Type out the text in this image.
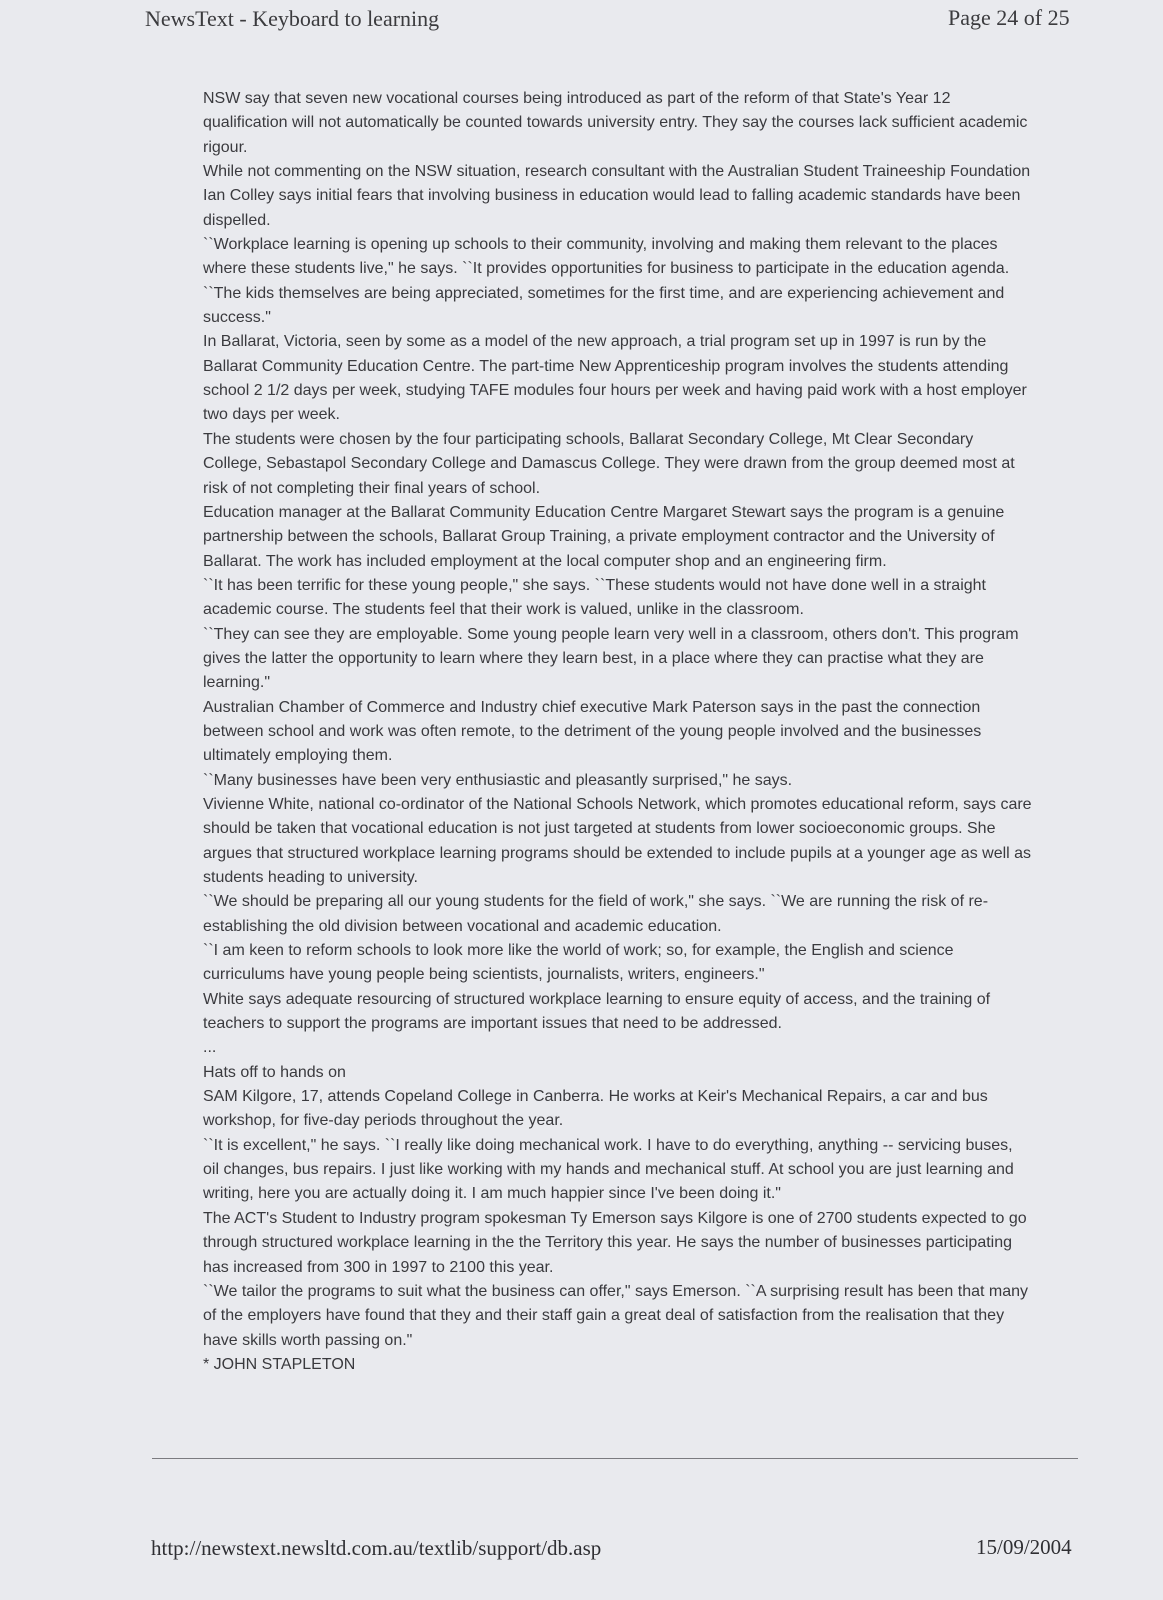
NewsText - Keyboard to learning	Page 24 of 25

NSW say that seven new vocational courses being introduced as part of the reform of that State's Year 12 qualification will not automatically be counted towards university entry. They say the courses lack sufficient academic rigour.

While not commenting on the NSW situation, research consultant with the Australian Student Traineeship Foundation Ian Colley says initial fears that involving business in education would lead to falling academic standards have been dispelled.

``Workplace learning is opening up schools to their community, involving and making them relevant to the places where these students live," he says. ``It provides opportunities for business to participate in the education agenda.

``The kids themselves are being appreciated, sometimes for the first time, and are experiencing achievement and success."

In Ballarat, Victoria, seen by some as a model of the new approach, a trial program set up in 1997 is run by the Ballarat Community Education Centre. The part-time New Apprenticeship program involves the students attending school 2 1/2 days per week, studying TAFE modules four hours per week and having paid work with a host employer two days per week.

The students were chosen by the four participating schools, Ballarat Secondary College, Mt Clear Secondary College, Sebastapol Secondary College and Damascus College. They were drawn from the group deemed most at risk of not completing their final years of school.

Education manager at the Ballarat Community Education Centre Margaret Stewart says the program is a genuine partnership between the schools, Ballarat Group Training, a private employment contractor and the University of Ballarat. The work has included employment at the local computer shop and an engineering firm.

``It has been terrific for these young people," she says. ``These students would not have done well in a straight academic course. The students feel that their work is valued, unlike in the classroom.

``They can see they are employable. Some young people learn very well in a classroom, others don't. This program gives the latter the opportunity to learn where they learn best, in a place where they can practise what they are learning."

Australian Chamber of Commerce and Industry chief executive Mark Paterson says in the past the connection between school and work was often remote, to the detriment of the young people involved and the businesses ultimately employing them.

``Many businesses have been very enthusiastic and pleasantly surprised," he says.

Vivienne White, national co-ordinator of the National Schools Network, which promotes educational reform, says care should be taken that vocational education is not just targeted at students from lower socioeconomic groups. She argues that structured workplace learning programs should be extended to include pupils at a younger age as well as students heading to university.

``We should be preparing all our young students for the field of work," she says. ``We are running the risk of re-establishing the old division between vocational and academic education.

``I am keen to reform schools to look more like the world of work; so, for example, the English and science curriculums have young people being scientists, journalists, writers, engineers."

White says adequate resourcing of structured workplace learning to ensure equity of access, and the training of teachers to support the programs are important issues that need to be addressed.

...

Hats off to hands on

SAM Kilgore, 17, attends Copeland College in Canberra. He works at Keir's Mechanical Repairs, a car and bus workshop, for five-day periods throughout the year.

``It is excellent," he says. ``I really like doing mechanical work. I have to do everything, anything -- servicing buses, oil changes, bus repairs. I just like working with my hands and mechanical stuff. At school you are just learning and writing, here you are actually doing it. I am much happier since I've been doing it."

The ACT's Student to Industry program spokesman Ty Emerson says Kilgore is one of 2700 students expected to go through structured workplace learning in the the Territory this year. He says the number of businesses participating has increased from 300 in 1997 to 2100 this year.

``We tailor the programs to suit what the business can offer," says Emerson. ``A surprising result has been that many of the employers have found that they and their staff gain a great deal of satisfaction from the realisation that they have skills worth passing on."

* JOHN STAPLETON

http://newstext.newsltd.com.au/textlib/support/db.asp	15/09/2004
